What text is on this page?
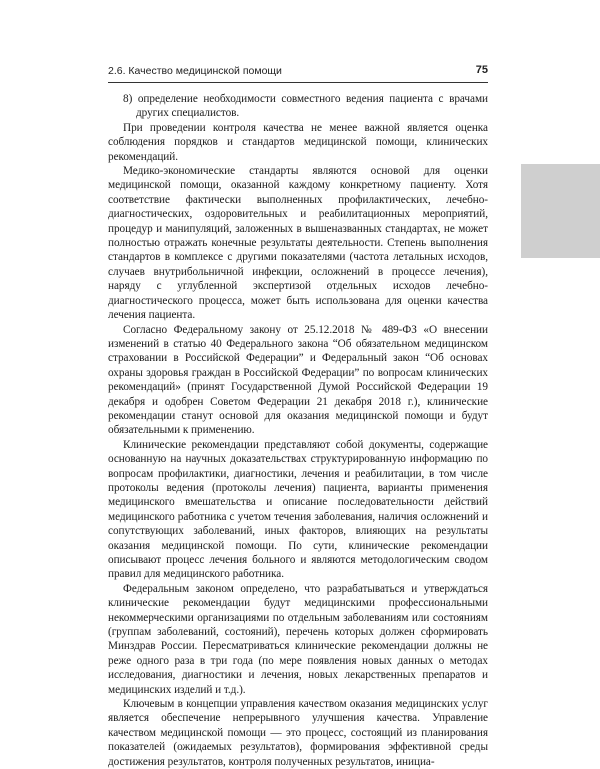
2.6. Качество медицинской помощи	75

8) определение необходимости совместного ведения пациента с врачами других специалистов.

При проведении контроля качества не менее важной является оценка соблюдения порядков и стандартов медицинской помощи, клинических рекомендаций.

Медико-экономические стандарты являются основой для оценки медицинской помощи, оказанной каждому конкретному пациенту. Хотя соответствие фактически выполненных профилактических, лечебно-диагностических, оздоровительных и реабилитационных мероприятий, процедур и манипуляций, заложенных в вышеназванных стандартах, не может полностью отражать конечные результаты деятельности. Степень выполнения стандартов в комплексе с другими показателями (частота летальных исходов, случаев внутрибольничной инфекции, осложнений в процессе лечения), наряду с углубленной экспертизой отдельных исходов лечебно-диагностического процесса, может быть использована для оценки качества лечения пациента.

Согласно Федеральному закону от 25.12.2018 № 489-ФЗ «О внесении изменений в статью 40 Федерального закона “Об обязательном медицинском страховании в Российской Федерации” и Федеральный закон “Об основах охраны здоровья граждан в Российской Федерации” по вопросам клинических рекомендаций» (принят Государственной Думой Российской Федерации 19 декабря и одобрен Советом Федерации 21 декабря 2018 г.), клинические рекомендации станут основой для оказания медицинской помощи и будут обязательными к применению.

Клинические рекомендации представляют собой документы, содержащие основанную на научных доказательствах структурированную информацию по вопросам профилактики, диагностики, лечения и реабилитации, в том числе протоколы ведения (протоколы лечения) пациента, варианты применения медицинского вмешательства и описание последовательности действий медицинского работника с учетом течения заболевания, наличия осложнений и сопутствующих заболеваний, иных факторов, влияющих на результаты оказания медицинской помощи. По сути, клинические рекомендации описывают процесс лечения больного и являются методологическим сводом правил для медицинского работника.

Федеральным законом определено, что разрабатываться и утверждаться клинические рекомендации будут медицинскими профессиональными некоммерческими организациями по отдельным заболеваниям или состояниям (группам заболеваний, состояний), перечень которых должен сформировать Минздрав России. Пересматриваться клинические рекомендации должны не реже одного раза в три года (по мере появления новых данных о методах исследования, диагностики и лечения, новых лекарственных препаратов и медицинских изделий и т.д.).

Ключевым в концепции управления качеством оказания медицинских услуг является обеспечение непрерывного улучшения качества. Управление качеством медицинской помощи — это процесс, состоящий из планирования показателей (ожидаемых результатов), формирования эффективной среды достижения результатов, контроля полученных результатов, инициа-
